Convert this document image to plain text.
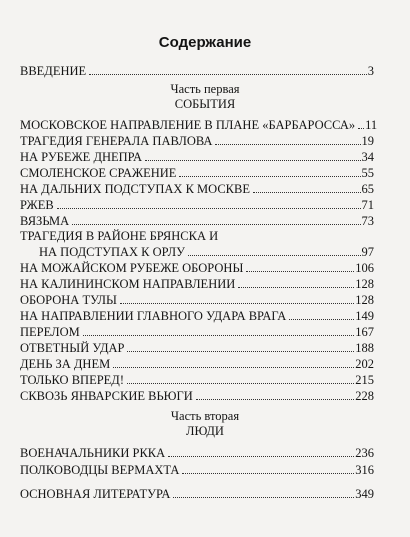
Содержание
ВВЕДЕНИЕ	3
Часть первая
СОБЫТИЯ
МОСКОВСКОЕ НАПРАВЛЕНИЕ В ПЛАНЕ «БАРБАРОССА» 11
ТРАГЕДИЯ ГЕНЕРАЛА ПАВЛОВА	19
НА РУБЕЖЕ ДНЕПРА	34
СМОЛЕНСКОЕ СРАЖЕНИЕ	55
НА ДАЛЬНИХ ПОДСТУПАХ К МОСКВЕ	65
РЖЕВ	71
ВЯЗЬМА	73
ТРАГЕДИЯ В РАЙОНЕ БРЯНСКА И
НА ПОДСТУПАХ К ОРЛУ	97
НА МОЖАЙСКОМ РУБЕЖЕ ОБОРОНЫ	106
НА КАЛИНИНСКОМ НАПРАВЛЕНИИ	128
ОБОРОНА ТУЛЫ	128
НА НАПРАВЛЕНИИ ГЛАВНОГО УДАРА ВРАГА	149
ПЕРЕЛОМ	167
ОТВЕТНЫЙ УДАР	188
ДЕНЬ ЗА ДНЕМ	202
ТОЛЬКО ВПЕРЕД!	215
СКВОЗЬ ЯНВАРСКИЕ ВЬЮГИ	228
Часть вторая
ЛЮДИ
ВОЕНАЧАЛЬНИКИ РККА	236
ПОЛКОВОДЦЫ ВЕРМАХТА	316
ОСНОВНАЯ ЛИТЕРАТУРА	349
